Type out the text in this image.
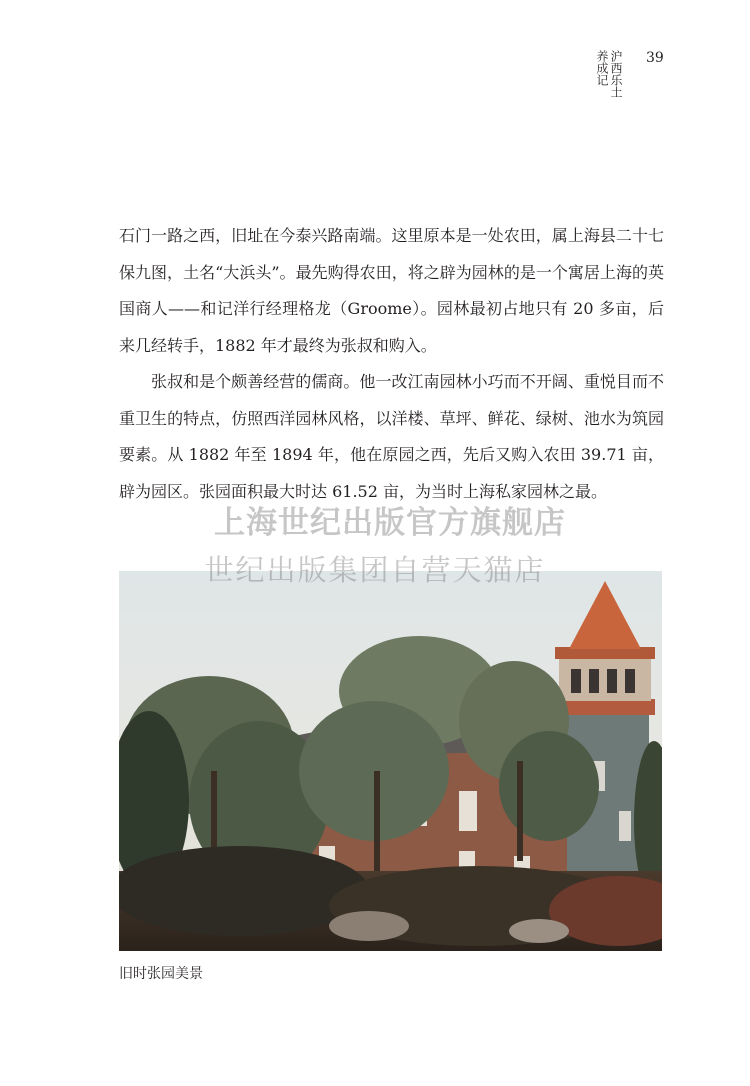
沪西乐土
养成记	39

石门一路之西，旧址在今泰兴路南端。这里原本是一处农田，属上海县二十七保九图，土名“大浜头”。最先购得农田，将之辟为园林的是一个寓居上海的英国商人——和记洋行经理格龙（Groome）。园林最初占地只有 20 多亩，后来几经转手，1882 年才最终为张叔和购入。

张叔和是个颇善经营的儒商。他一改江南园林小巧而不开阔、重悦目而不重卫生的特点，仿照西洋园林风格，以洋楼、草坪、鲜花、绿树、池水为筑园要素。从 1882 年至 1894 年，他在原园之西，先后又购入农田 39.71 亩，辟为园区。张园面积最大时达 61.52 亩，为当时上海私家园林之最。

旧时张园美景
上海世纪出版官方旗舰店
世纪出版集团自营天猫店
